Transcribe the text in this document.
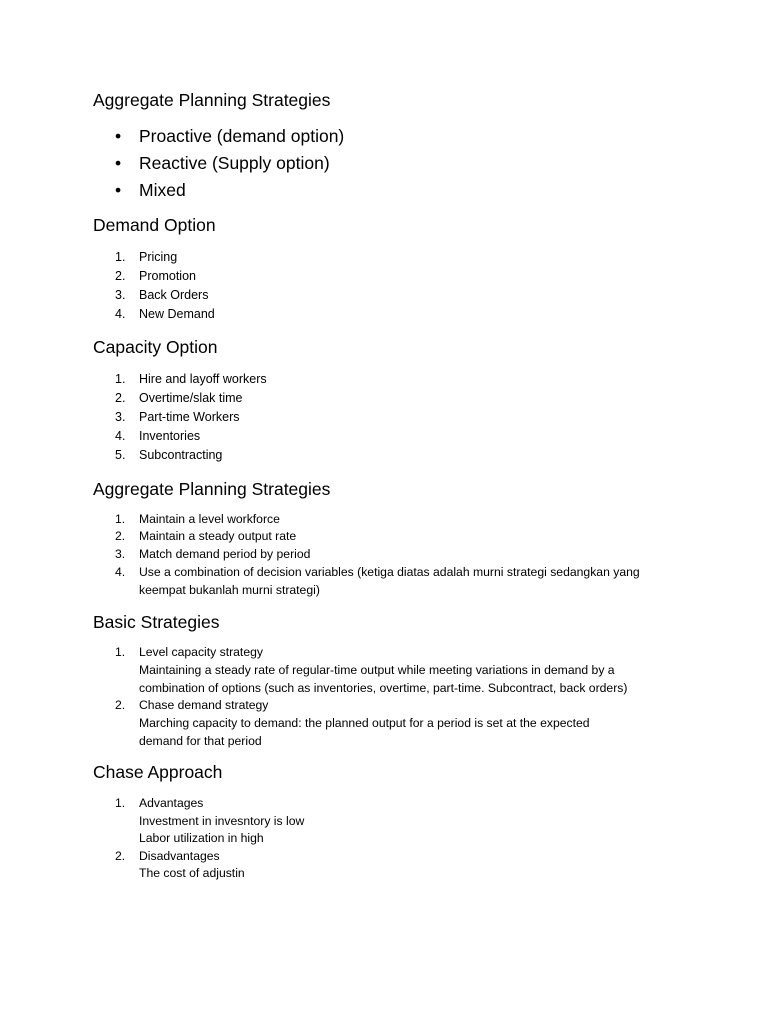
Aggregate Planning Strategies
• Proactive (demand option)
• Reactive (Supply option)
• Mixed
Demand Option
1. Pricing
2. Promotion
3. Back Orders
4. New Demand
Capacity Option
1. Hire and layoff workers
2. Overtime/slak time
3. Part-time Workers
4. Inventories
5. Subcontracting
Aggregate Planning Strategies
1. Maintain a level workforce
2. Maintain a steady output rate
3. Match demand period by period
4. Use a combination of decision variables (ketiga diatas adalah murni strategi sedangkan yang
keempat bukanlah murni strategi)
Basic Strategies
1. Level capacity strategy
Maintaining a steady rate of regular-time output while meeting variations in demand by a
combination of options (such as inventories, overtime, part-time. Subcontract, back orders)
2. Chase demand strategy
Marching capacity to demand: the planned output for a period is set at the expected
demand for that period
Chase Approach
1. Advantages
Investment in invesntory is low
Labor utilization in high
2. Disadvantages
The cost of adjustin
